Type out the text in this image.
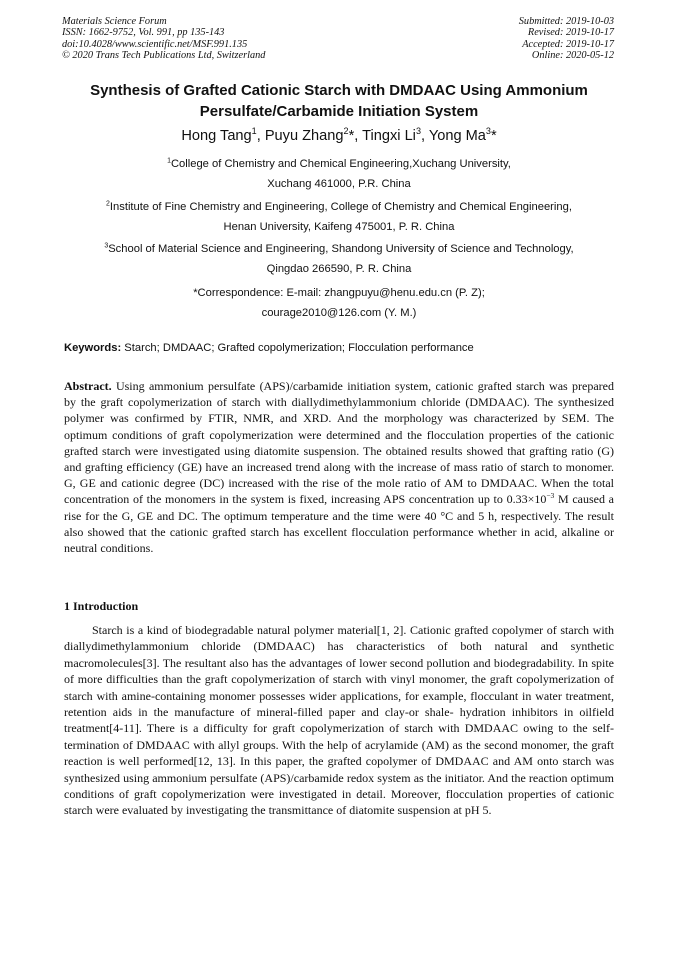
Materials Science Forum
ISSN: 1662-9752, Vol. 991, pp 135-143
doi:10.4028/www.scientific.net/MSF.991.135
© 2020 Trans Tech Publications Ltd, Switzerland
Submitted: 2019-10-03
Revised: 2019-10-17
Accepted: 2019-10-17
Online: 2020-05-12
Synthesis of Grafted Cationic Starch with DMDAAC Using Ammonium
Persulfate/Carbamide Initiation System
Hong Tang$^1$, Puyu Zhang$^2$*, Tingxi Li$^3$, Yong Ma$^3$*
$^1$College of Chemistry and Chemical Engineering,Xuchang University,
Xuchang 461000, P.R. China
$^2$Institute of Fine Chemistry and Engineering, College of Chemistry and Chemical Engineering,
Henan University, Kaifeng 475001, P. R. China
$^3$School of Material Science and Engineering, Shandong University of Science and Technology,
Qingdao 266590, P. R. China
*Correspondence: E-mail: zhangpuyu@henu.edu.cn (P. Z);
courage2010@126.com (Y. M.)
Keywords: Starch; DMDAAC; Grafted copolymerization; Flocculation performance
Abstract. Using ammonium persulfate (APS)/carbamide initiation system, cationic grafted starch was prepared by the graft copolymerization of starch with diallydimethylammonium chloride (DMDAAC). The synthesized polymer was confirmed by FTIR, NMR, and XRD. And the morphology was characterized by SEM. The optimum conditions of graft copolymerization were determined and the flocculation properties of the cationic grafted starch were investigated using diatomite suspension. The obtained results showed that grafting ratio (G) and grafting efficiency (GE) have an increased trend along with the increase of mass ratio of starch to monomer. G, GE and cationic degree (DC) increased with the rise of the mole ratio of AM to DMDAAC. When the total concentration of the monomers in the system is fixed, increasing APS concentration up to $0.33\times 10^{-3}$ M caused a rise for the G, GE and DC. The optimum temperature and the time were 40 °C and 5 h, respectively. The result also showed that the cationic grafted starch has excellent flocculation performance whether in acid, alkaline or neutral conditions.
1 Introduction

Starch is a kind of biodegradable natural polymer material[1, 2]. Cationic grafted copolymer of starch with diallydimethylammonium chloride (DMDAAC) has characteristics of both natural and synthetic macromolecules[3]. The resultant also has the advantages of lower second pollution and biodegradability. In spite of more difficulties than the graft copolymerization of starch with vinyl monomer, the graft copolymerization of starch with amine-containing monomer possesses wider applications, for example, flocculant in water treatment, retention aids in the manufacture of mineral-filled paper and clay-or shale- hydration inhibitors in oilfield treatment[4-11]. There is a difficulty for graft copolymerization of starch with DMDAAC owing to the self-termination of DMDAAC with allyl groups. With the help of acrylamide (AM) as the second monomer, the graft reaction is well performed[12, 13]. In this paper, the grafted copolymer of DMDAAC and AM onto starch was synthesized using ammonium persulfate (APS)/carbamide redox system as the initiator. And the reaction optimum conditions of graft copolymerization were investigated in detail. Moreover, flocculation properties of cationic starch were evaluated by investigating the transmittance of diatomite suspension at pH 5.
